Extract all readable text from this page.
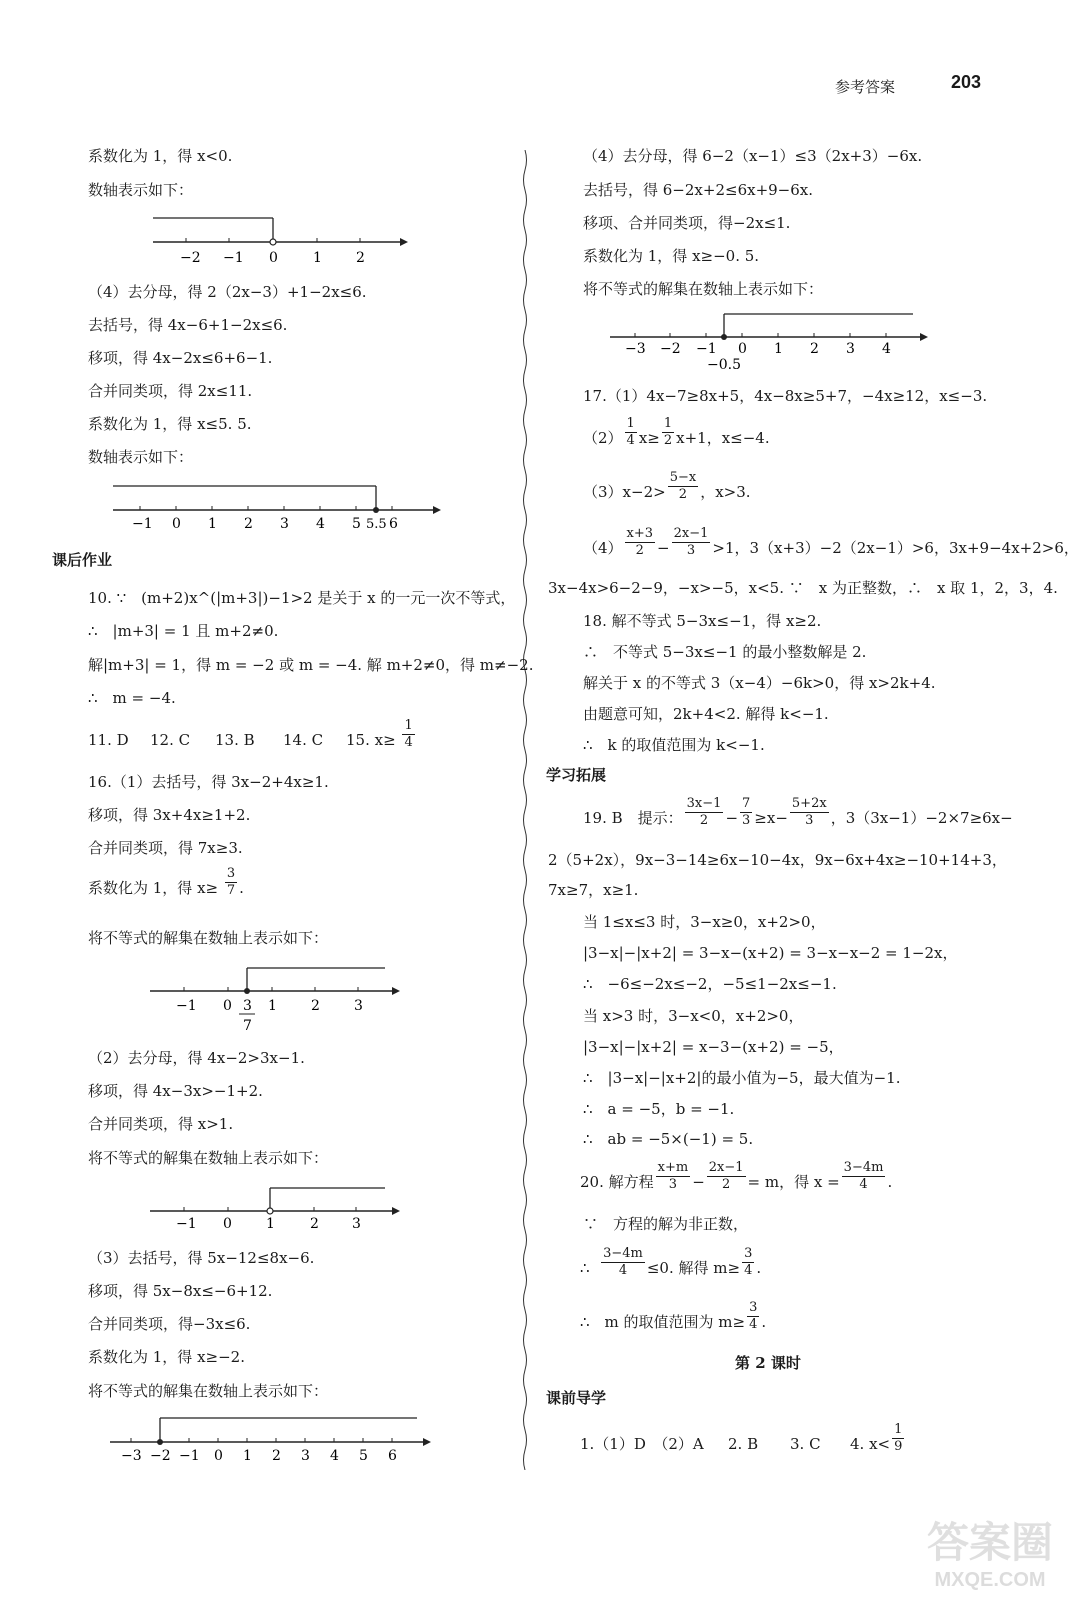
参考答案	203
系数化为 1，得 x<0.
数轴表示如下：
−2 −1 0	1 2
（4）去分母，得 2（2x−3）+1−2x≤6.
去括号，得 4x−6+1−2x≤6.
移项，得 4x−2x≤6+6−1.
合并同类项，得 2x≤11.
系数化为 1，得 x≤5. 5.
数轴表示如下：
−1 0 1 2 3 4 5 5.5 6
课后作业
10. ∵　(m+2)x^(|m+3|)−1>2 是关于 x 的一元一次不等式，
∴　|m+3| = 1 且 m+2≠0.
解|m+3| = 1，得 m = −2 或 m = −4. 解 m+2≠0，得 m≠−2.
∴　m = −4.
11. D 12. C 13. B 14. C 15. $x\ge \frac{1}{4}$
16.（1）去括号，得 3x−2+4x≥1.
移项，得 3x+4x≥1+2.
合并同类项，得 7x≥3.
系数化为 1，得 $x\ge \frac{3}{7}$ .
将不等式的解集在数轴上表示如下：
−1 0	1 2 3
3
7
（2）去分母，得 4x−2>3x−1.
移项，得 4x−3x>−1+2.
合并同类项，得 x>1.
将不等式的解集在数轴上表示如下：
−1 0 1	2 3
（3）去括号，得 5x−12≤8x−6.
移项，得 5x−8x≤−6+12.
合并同类项，得−3x≤6.
系数化为 1，得 x≥−2.
将不等式的解集在数轴上表示如下：
−3 −2 −1 0 1 2 3 4 5 6
（4）去分母，得 6−2（x−1）≤3（2x+3）−6x.
去括号，得 6−2x+2≤6x+9−6x.
移项、合并同类项，得−2x≤1.
系数化为 1，得 x≥−0. 5.
将不等式的解集在数轴上表示如下：
−3 −2 −1 0 1 2 3 4
−0.5
17.（1）4x−7≥8x+5，4x−8x≥5+7，−4x≥12，x≤−3.
$(2) \frac{1}{4} x\ge \frac{1}{2} x+1$，x≤−4.
$(3)x-2> \frac{5-x}{2}$ ，x>3.
$(4) \frac{x+3}{2} - \frac{2x-1}{3} >1$，3（x+3）−2（2x−1）>6，3x+9−4x+2>6，
3x−4x>6−2−9，−x>−5，x<5. ∵　x 为正整数，∴　x 取 1，2，3，4.
18. 解不等式 5−3x≤−1，得 x≥2.
∴　不等式 5−3x≤−1 的最小整数解是 2.
解关于 x 的不等式 3（x−4）−6k>0，得 x>2k+4.
由题意可知，2k+4<2. 解得 k<−1.
∴　k 的取值范围为 k<−1.
学习拓展
19. B　提示： $\frac{3x-1}{2} - \frac{7}{3} \ge x- \frac{5+2x}{3}$ ，3（3x−1）−2×7≥6x−
2（5+2x），9x−3−14≥6x−10−4x，9x−6x+4x≥−10+14+3，
7x≥7，x≥1.
当 1≤x≤3 时，3−x≥0，x+2>0，
|3−x|−|x+2| = 3−x−(x+2) = 3−x−x−2 = 1−2x，
∴　−6≤−2x≤−2，−5≤1−2x≤−1.
当 x>3 时，3−x<0，x+2>0，
|3−x|−|x+2| = x−3−(x+2) = −5，
∴　|3−x|−|x+2|的最小值为−5，最大值为−1.
∴　a = −5，b = −1.
∴　ab = −5×(−1) = 5.
20. 解方程 $\frac{x+m}{3} - \frac{2x-1}{2} = m$，得 $x = \frac{3-4m}{4}$ .
∵　方程的解为非正数，
∴ $\frac{3-4m}{4} \le 0$. 解得 $m\ge \frac{3}{4}$ .
∴　m 的取值范围为 $m\ge \frac{3}{4}$ .
第 2 课时
课前导学
1.（1）D　（2）A 2. B 3. C 4. $x< \frac{1}{9}$
答案圈
MXQE.COM
